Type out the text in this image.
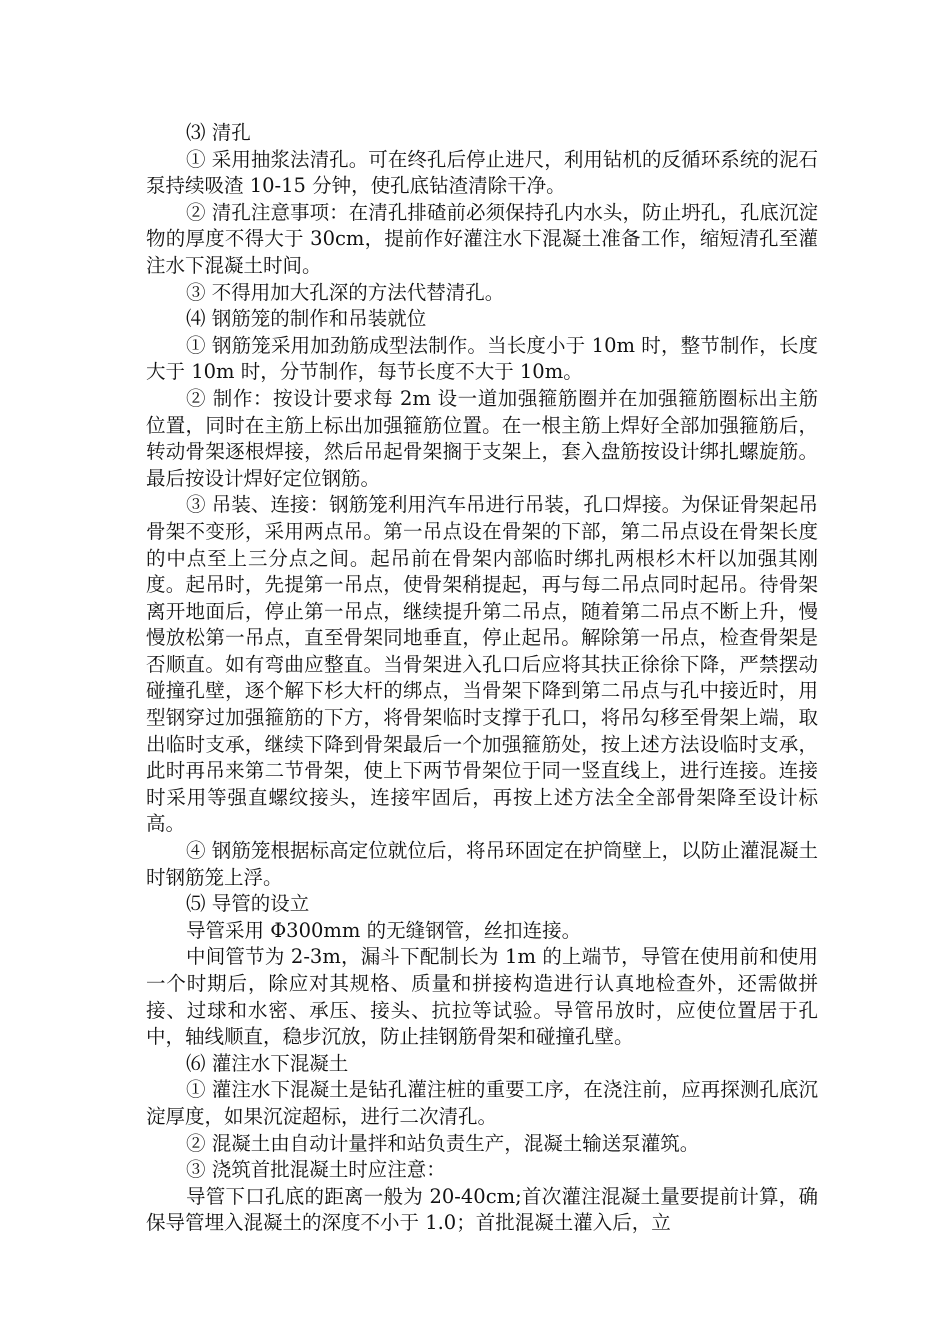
⑶ 清孔

① 采用抽浆法清孔。可在终孔后停止进尺，利用钻机的反循环系统的泥石泵持续吸渣 10-15 分钟，使孔底钻渣清除干净。

② 清孔注意事项：在清孔排碴前必须保持孔内水头，防止坍孔，孔底沉淀物的厚度不得大于 30cm，提前作好灌注水下混凝土准备工作，缩短清孔至灌注水下混凝土时间。

③ 不得用加大孔深的方法代替清孔。

⑷ 钢筋笼的制作和吊装就位

① 钢筋笼采用加劲筋成型法制作。当长度小于 10m 时，整节制作，长度大于 10m 时，分节制作，每节长度不大于 10m。

② 制作：按设计要求每 2m 设一道加强箍筋圈并在加强箍筋圈标出主筋位置，同时在主筋上标出加强箍筋位置。在一根主筋上焊好全部加强箍筋后，转动骨架逐根焊接，然后吊起骨架搁于支架上，套入盘筋按设计绑扎螺旋筋。最后按设计焊好定位钢筋。

③ 吊装、连接：钢筋笼利用汽车吊进行吊装，孔口焊接。为保证骨架起吊骨架不变形，采用两点吊。第一吊点设在骨架的下部，第二吊点设在骨架长度的中点至上三分点之间。起吊前在骨架内部临时绑扎两根杉木杆以加强其刚度。起吊时，先提第一吊点，使骨架稍提起，再与每二吊点同时起吊。待骨架离开地面后，停止第一吊点，继续提升第二吊点，随着第二吊点不断上升，慢慢放松第一吊点，直至骨架同地垂直，停止起吊。解除第一吊点，检查骨架是否顺直。如有弯曲应整直。当骨架进入孔口后应将其扶正徐徐下降，严禁摆动碰撞孔壁，逐个解下杉大杆的绑点，当骨架下降到第二吊点与孔中接近时，用型钢穿过加强箍筋的下方，将骨架临时支撑于孔口，将吊勾移至骨架上端，取出临时支承，继续下降到骨架最后一个加强箍筋处，按上述方法设临时支承，此时再吊来第二节骨架，使上下两节骨架位于同一竖直线上，进行连接。连接时采用等强直螺纹接头，连接牢固后，再按上述方法全全部骨架降至设计标高。

④ 钢筋笼根据标高定位就位后，将吊环固定在护筒壁上，以防止灌混凝土时钢筋笼上浮。

⑸ 导管的设立

导管采用 Φ300mm 的无缝钢管，丝扣连接。

中间管节为 2-3m，漏斗下配制长为 1m 的上端节，导管在使用前和使用一个时期后，除应对其规格、质量和拼接构造进行认真地检查外，还需做拼接、过球和水密、承压、接头、抗拉等试验。导管吊放时，应使位置居于孔中，轴线顺直，稳步沉放，防止挂钢筋骨架和碰撞孔壁。

⑹ 灌注水下混凝土

① 灌注水下混凝土是钻孔灌注桩的重要工序，在浇注前，应再探测孔底沉淀厚度，如果沉淀超标，进行二次清孔。

② 混凝土由自动计量拌和站负责生产，混凝土输送泵灌筑。

③ 浇筑首批混凝土时应注意：

导管下口孔底的距离一般为 20-40cm;首次灌注混凝土量要提前计算，确保导管埋入混凝土的深度不小于 1.0；首批混凝土灌入后，立
